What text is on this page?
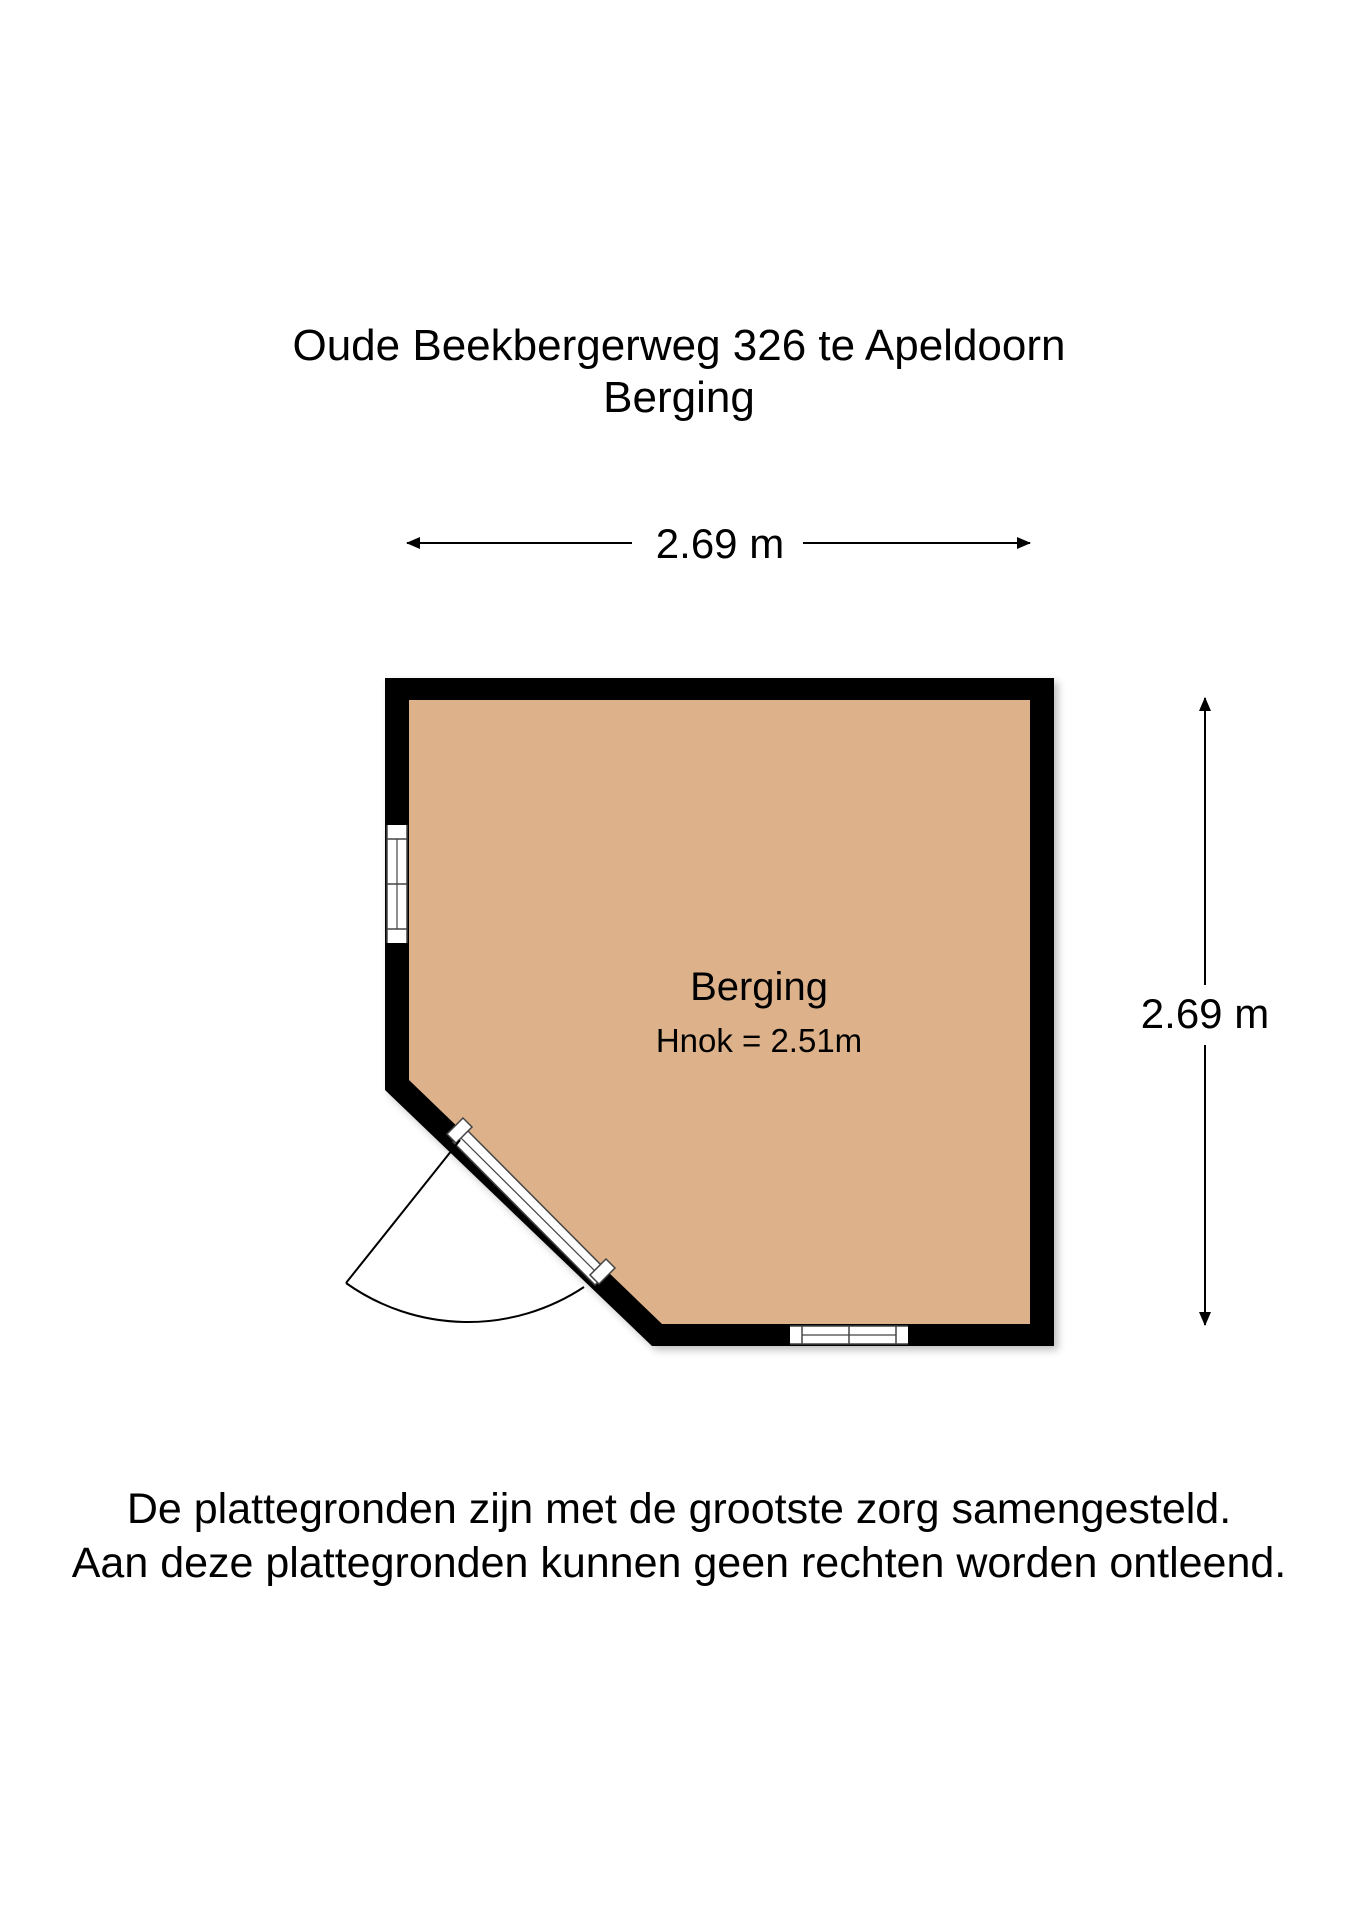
Oude Beekbergerweg 326 te Apeldoorn
Berging
2.69 m
2.69 m
Berging
Hnok = 2.51m
De plattegronden zijn met de grootste zorg samengesteld.
Aan deze plattegronden kunnen geen rechten worden ontleend.
